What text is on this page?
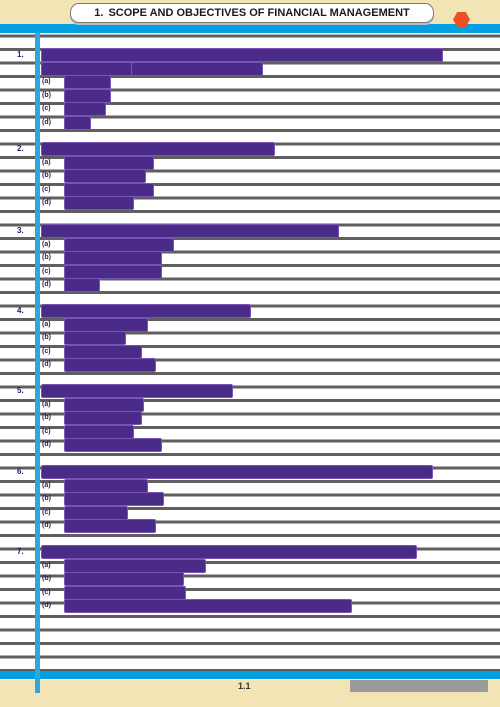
1. SCOPE AND OBJECTIVES OF FINANCIAL MANAGEMENT
1.
(a)
(b)
(c)
(d)
2.
(a)
(b)
(c)
(d)
3.
(a)
(b)
(c)
(d)
4.
(a)
(b)
(c)
(d)
5.
(a)
(b)
(c)
(d)
6.
(a)
(b)
(c)
(d)
7.
(a)
(b)
(c)
(d)
1.1
